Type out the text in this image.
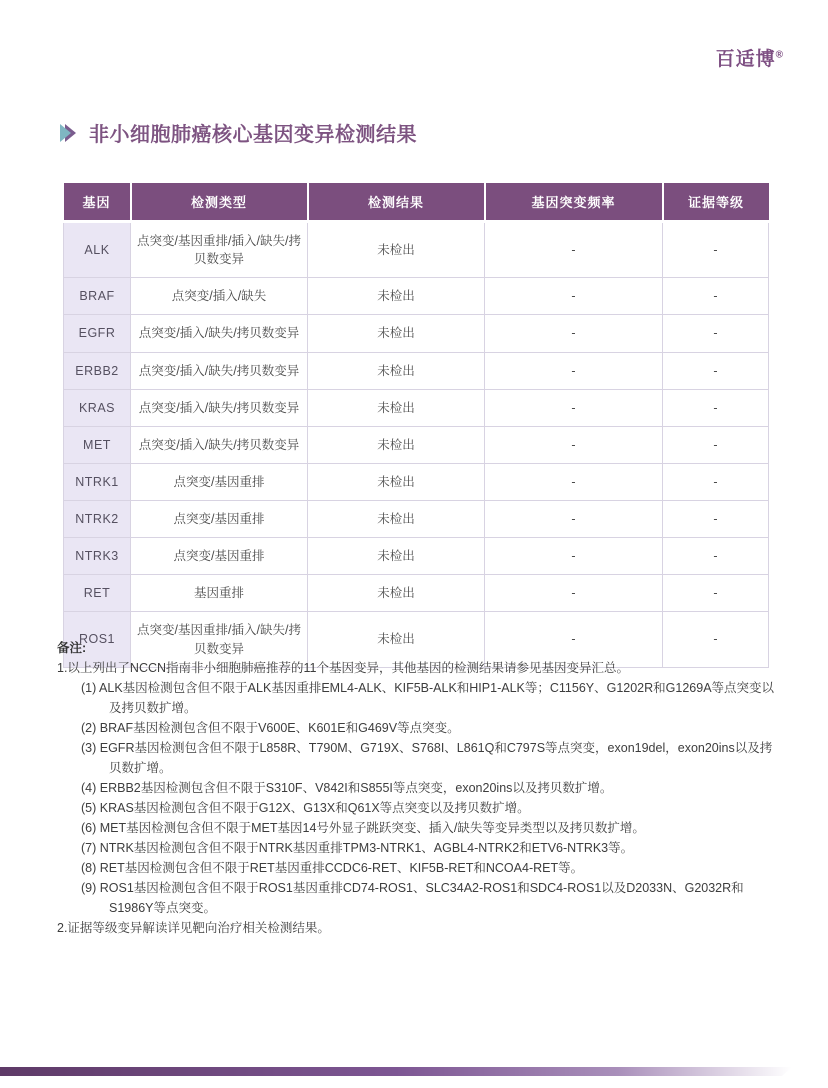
百适博®
非小细胞肺癌核心基因变异检测结果
基因	检测类型	检测结果	基因突变频率	证据等级
ALK	点突变/基因重排/插入/缺失/拷贝数变异	未检出	-	-
BRAF	点突变/插入/缺失	未检出	-	-
EGFR	点突变/插入/缺失/拷贝数变异	未检出	-	-
ERBB2	点突变/插入/缺失/拷贝数变异	未检出	-	-
KRAS	点突变/插入/缺失/拷贝数变异	未检出	-	-
MET	点突变/插入/缺失/拷贝数变异	未检出	-	-
NTRK1	点突变/基因重排	未检出	-	-
NTRK2	点突变/基因重排	未检出	-	-
NTRK3	点突变/基因重排	未检出	-	-
RET	基因重排	未检出	-	-
ROS1	点突变/基因重排/插入/缺失/拷贝数变异	未检出	-	-
备注:
1.以上列出了NCCN指南非小细胞肺癌推荐的11个基因变异，其他基因的检测结果请参见基因变异汇总。
(1) ALK基因检测包含但不限于ALK基因重排EML4-ALK、KIF5B-ALK和HIP1-ALK等；C1156Y、G1202R和G1269A等点突变以及拷贝数扩增。
(2) BRAF基因检测包含但不限于V600E、K601E和G469V等点突变。
(3) EGFR基因检测包含但不限于L858R、T790M、G719X、S768I、L861Q和C797S等点突变，exon19del，exon20ins以及拷贝数扩增。
(4) ERBB2基因检测包含但不限于S310F、V842I和S855I等点突变，exon20ins以及拷贝数扩增。
(5) KRAS基因检测包含但不限于G12X、G13X和Q61X等点突变以及拷贝数扩增。
(6) MET基因检测包含但不限于MET基因14号外显子跳跃突变、插入/缺失等变异类型以及拷贝数扩增。
(7) NTRK基因检测包含但不限于NTRK基因重排TPM3-NTRK1、AGBL4-NTRK2和ETV6-NTRK3等。
(8) RET基因检测包含但不限于RET基因重排CCDC6-RET、KIF5B-RET和NCOA4-RET等。
(9) ROS1基因检测包含但不限于ROS1基因重排CD74-ROS1、SLC34A2-ROS1和SDC4-ROS1以及D2033N、G2032R和S1986Y等点突变。
2.证据等级变异解读详见靶向治疗相关检测结果。
